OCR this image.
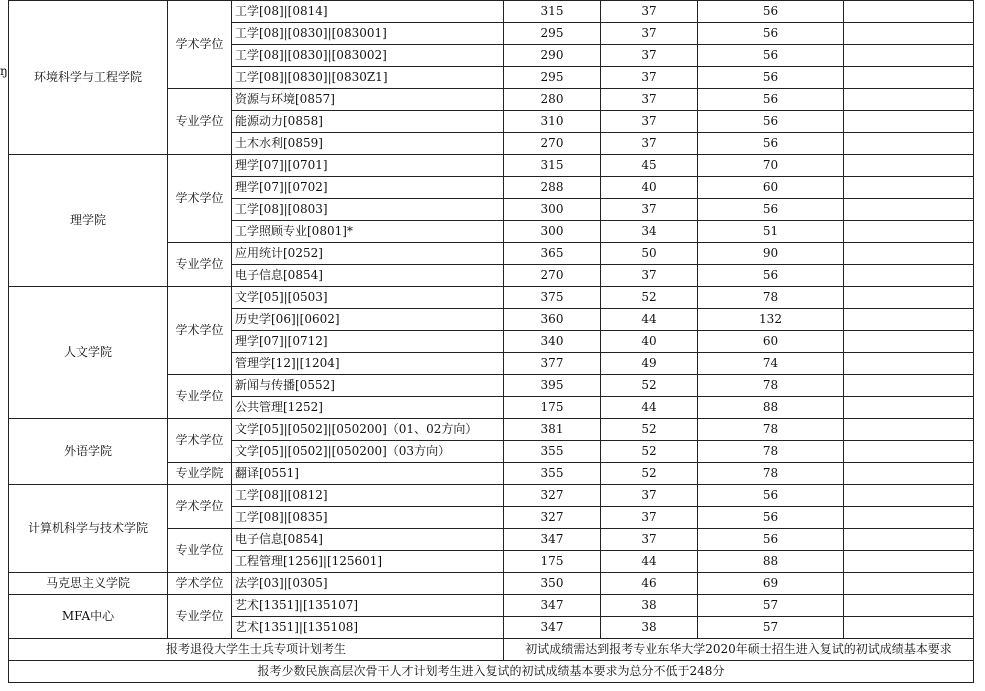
ŋ 环境科学与工程学院	学术学位	工学[08]|[0814]	315	37	56	
		工学[08]|[0830]|[083001]	295	37	56	
		工学[08]|[0830]|[083002]	290	37	56	
		工学[08]|[0830]|[0830Z1]	295	37	56	
	专业学位	资源与环境[0857]	280	37	56	
		能源动力[0858]	310	37	56	
		土木水利[0859]	270	37	56	
理学院	学术学位	理学[07]|[0701]	315	45	70	
		理学[07]|[0702]	288	40	60	
		工学[08]|[0803]	300	37	56	
		工学照顾专业[0801]*	300	34	51	
	专业学位	应用统计[0252]	365	50	90	
		电子信息[0854]	270	37	56	
人文学院	学术学位	文学[05]|[0503]	375	52	78	
		历史学[06]|[0602]	360	44	132	
		理学[07]|[0712]	340	40	60	
		管理学[12]|[1204]	377	49	74	
	专业学位	新闻与传播[0552]	395	52	78	
		公共管理[1252]	175	44	88	
外语学院	学术学位	文学[05]|[0502]|[050200]（01、02方向）	381	52	78	
		文学[05]|[0502]|[050200]（03方向）	355	52	78	
	专业学院	翻译[0551]	355	52	78	
计算机科学与技术学院	学术学位	工学[08]|[0812]	327	37	56	
		工学[08]|[0835]	327	37	56	
	专业学位	电子信息[0854]	347	37	56	
		工程管理[1256]|[125601]	175	44	88	
马克思主义学院	学术学位	法学[03]|[0305]	350	46	69	
MFA中心	专业学位	艺术[1351]|[135107]	347	38	57	
		艺术[1351]|[135108]	347	38	57	
报考退役大学生士兵专项计划考生			初试成绩需达到报考专业东华大学2020年硕士招生进入复试的初试成绩基本要求			
报考少数民族高层次骨干人才计划考生进入复试的初试成绩基本要求为总分不低于248分						
